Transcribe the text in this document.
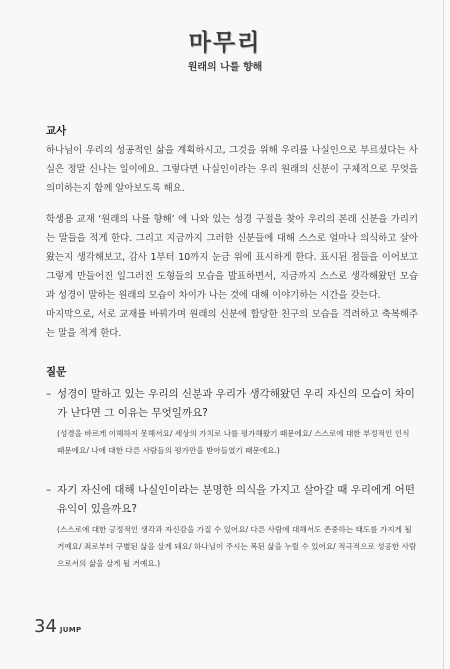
마무리
원래의 나를 향해
교사

하나님이 우리의 성공적인 삶을 계획하시고, 그것을 위해 우리를 나실인으로 부르셨다는 사실은 정말 신나는 일이에요. 그렇다면 나실인이라는 우리 원래의 신분이 구체적으로 무엇을 의미하는지 함께 알아보도록 해요.

학생용 교재 ‘원래의 나를 향해’ 에 나와 있는 성경 구절을 찾아 우리의 본래 신분을 가리키는 말들을 적게 한다. 그리고 지금까지 그러한 신분들에 대해 스스로 얼마나 의식하고 살아왔는지 생각해보고, 감사 1부터 10까지 눈금 위에 표시하게 한다. 표시된 점들을 이어보고 그렇게 만들어진 일그러진 도형들의 모습을 발표하면서, 지금까지 스스로 생각해왔던 모습과 성경이 말하는 원래의 모습이 차이가 나는 것에 대해 이야기하는 시간을 갖는다.

마지막으로, 서로 교재를 바꿔가며 원래의 신분에 합당한 친구의 모습을 격려하고 축복해주는 말을 적게 한다.

질문
– 성경이 말하고 있는 우리의 신분과 우리가 생각해왔던 우리 자신의 모습이 차이가 난다면 그 이유는 무엇일까요?
(성경을 바르게 이해하지 못해서요/ 세상의 가치로 나를 평가해왔기 때문에요/ 스스로에 대한 부정적인 인식 때문에요/ 나에 대한 다른 사람들의 평가만을 받아들였기 때문에요.)
– 자기 자신에 대해 나실인이라는 분명한 의식을 가지고 살아갈 때 우리에게 어떤 유익이 있을까요?
(스스로에 대한 긍정적인 생각과 자신감을 가질 수 있어요/ 다른 사람에 대해서도 존중하는 태도를 가지게 될 거예요/ 죄로부터 구별된 삶을 살게 돼요/ 하나님이 주시는 복된 삶을 누릴 수 있어요/ 적극적으로 성공한 사람으로서의 삶을 살게 될 거예요.)
34 JUMP
